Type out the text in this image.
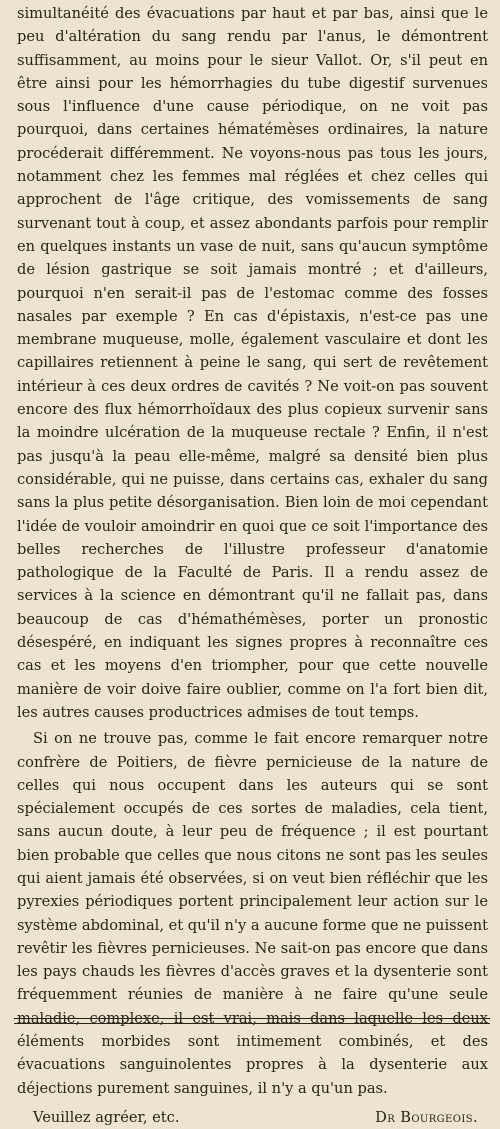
simultanéité des évacuations par haut et par bas, ainsi que le peu d'altération du sang rendu par l'anus, le démontrent suffisamment, au moins pour le sieur Vallot. Or, s'il peut en être ainsi pour les hémorrhagies du tube digestif survenues sous l'influence d'une cause périodique, on ne voit pas pourquoi, dans certaines hématémèses ordinaires, la nature procéderait différemment. Ne voyons-nous pas tous les jours, notamment chez les femmes mal réglées et chez celles qui approchent de l'âge critique, des vomissements de sang survenant tout à coup, et assez abondants parfois pour remplir en quelques instants un vase de nuit, sans qu'aucun symptôme de lésion gastrique se soit jamais montré ; et d'ailleurs, pourquoi n'en serait-il pas de l'estomac comme des fosses nasales par exemple ? En cas d'épistaxis, n'est-ce pas une membrane muqueuse, molle, également vasculaire et dont les capillaires retiennent à peine le sang, qui sert de revêtement intérieur à ces deux ordres de cavités ? Ne voit-on pas souvent encore des flux hémorrhoïdaux des plus copieux survenir sans la moindre ulcération de la muqueuse rectale ? Enfin, il n'est pas jusqu'à la peau elle-même, malgré sa densité bien plus considérable, qui ne puisse, dans certains cas, exhaler du sang sans la plus petite désorganisation. Bien loin de moi cependant l'idée de vouloir amoindrir en quoi que ce soit l'importance des belles recherches de l'illustre professeur d'anatomie pathologique de la Faculté de Paris. Il a rendu assez de services à la science en démontrant qu'il ne fallait pas, dans beaucoup de cas d'hémathémèses, porter un pronostic désespéré, en indiquant les signes propres à reconnaître ces cas et les moyens d'en triompher, pour que cette nouvelle manière de voir doive faire oublier, comme on l'a fort bien dit, les autres causes productrices admises de tout temps.

Si on ne trouve pas, comme le fait encore remarquer notre confrère de Poitiers, de fièvre pernicieuse de la nature de celles qui nous occupent dans les auteurs qui se sont spécialement occupés de ces sortes de maladies, cela tient, sans aucun doute, à leur peu de fréquence ; il est pourtant bien probable que celles que nous citons ne sont pas les seules qui aient jamais été observées, si on veut bien réfléchir que les pyrexies périodiques portent principalement leur action sur le système abdominal, et qu'il n'y a aucune forme que ne puissent revêtir les fièvres pernicieuses. Ne sait-on pas encore que dans les pays chauds les fièvres d'accès graves et la dysenterie sont fréquemment réunies de manière à ne faire qu'une seule maladie, complexe, il est vrai, mais dans laquelle les deux éléments morbides sont intimement combinés, et des évacuations sanguinolentes propres à la dysenterie aux déjections purement sanguines, il n'y a qu'un pas.

Veuillez agréer, etc.	Dr Bourgeois.
